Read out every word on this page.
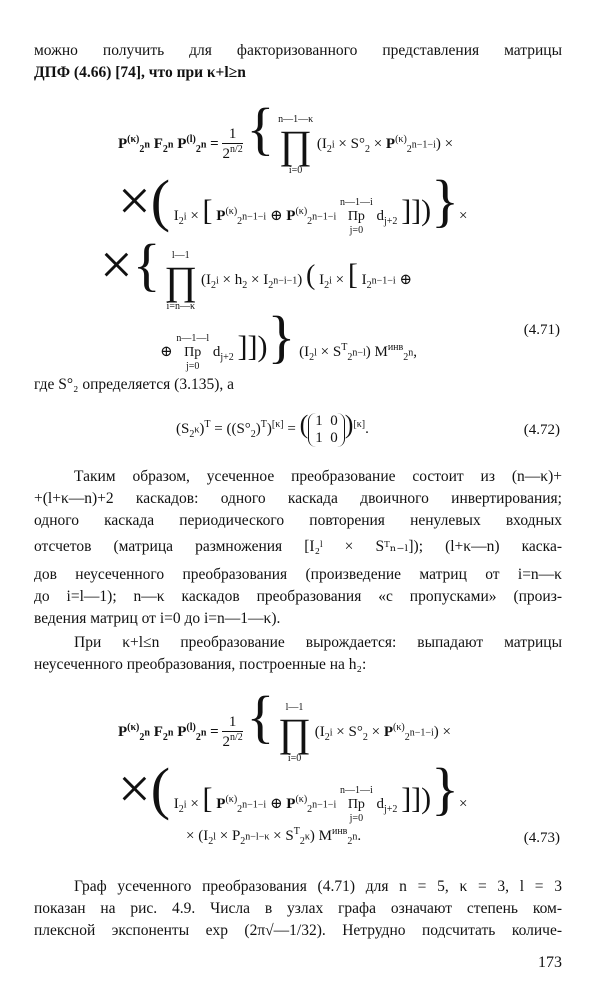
можно получить для факторизованного представления матрицы
ДПФ (4.66) [74], что при κ+l≥n
$P^{(\kappa)}_{2^n}$ $F_{2^n}$ $P^{(l)}_{2^n} = \frac{1}{2^{n/2}}$ { n—1—κ
∏
i=0
$(I_{2^i} \times S^\circ_2 \times P^{(\kappa)}_{2^{n-1-i}})$ ×
×( $I_{2^i}$ × [ $P^{(\kappa)}_{2^{n-1-i}}$ ⊕ $P^{(\kappa)}_{2^{n-1-i}}$
n—1—i
Пр
j=0
$d_{j+2}$ ]])}×
×{	l—1
∏
i=n—κ
$(I_{2^i} \times h_2 \times I_{2^{n-i-1}})$ ( $I_{2^i}$ × [ $I_{2^{n-1-i}}$ ⊕
⊕
n—1—l
Пр
j=0
$d_{j+2}$ ]])} $(I_{2^l} \times S^T_{2^{n-l}})$ $M^{инв}_{2^n}$,
(4.71)
где S°₂ определяется (3.135), а
$(S_{2^\kappa})^T = ((S^\circ_2)^T)[\kappa]$ = ( 1  0
1  0 )[κ].	(4.72)
Таким образом, усеченное преобразование состоит из (n—κ)+
+(l+κ—n)+2 каскадов: одного каскада двоичного инвертирования;
одного каскада периодического повторения ненулевых входных
отсчетов (матрица размножения [I₂ˡ × Sᵀₙ₋ₗ]); (l+κ—n) каска-
дов неусеченного преобразования (произведение матриц от i=n—κ
до i=l—1); n—κ каскадов преобразования «с пропусками» (произ-
ведения матриц от i=0 до i=n—1—κ).
При κ+l≤n преобразование вырождается: выпадают матрицы
неусеченного преобразования, построенные на h₂:
$P^{(\kappa)}_{2^n}$ $F_{2^n}$ $P^{(l)}_{2^n} = \frac{1}{2^{n/2}}$ {	l—1
∏
i=0
$(I_{2^i} \times S^\circ_2 \times P^{(\kappa)}_{2^{n-1-i}})$ ×
×( $I_{2^i}$ × [ $P^{(\kappa)}_{2^{n-1-i}}$ ⊕ $P^{(\kappa)}_{2^{n-1-i}}$
n—1—i
Пр
j=0
$d_{j+2}$ ]])}×
× $(I_{2^l} \times P_{2^{n-l-\kappa}} \times S^T_{2^\kappa})$ $M^{инв}_{2^n}$.	(4.73)
Граф усеченного преобразования (4.71) для n = 5, κ = 3, l = 3
показан на рис. 4.9. Числа в узлах графа означают степень ком-
плексной экспоненты exp (2π√—1/32). Нетрудно подсчитать количе-
173
